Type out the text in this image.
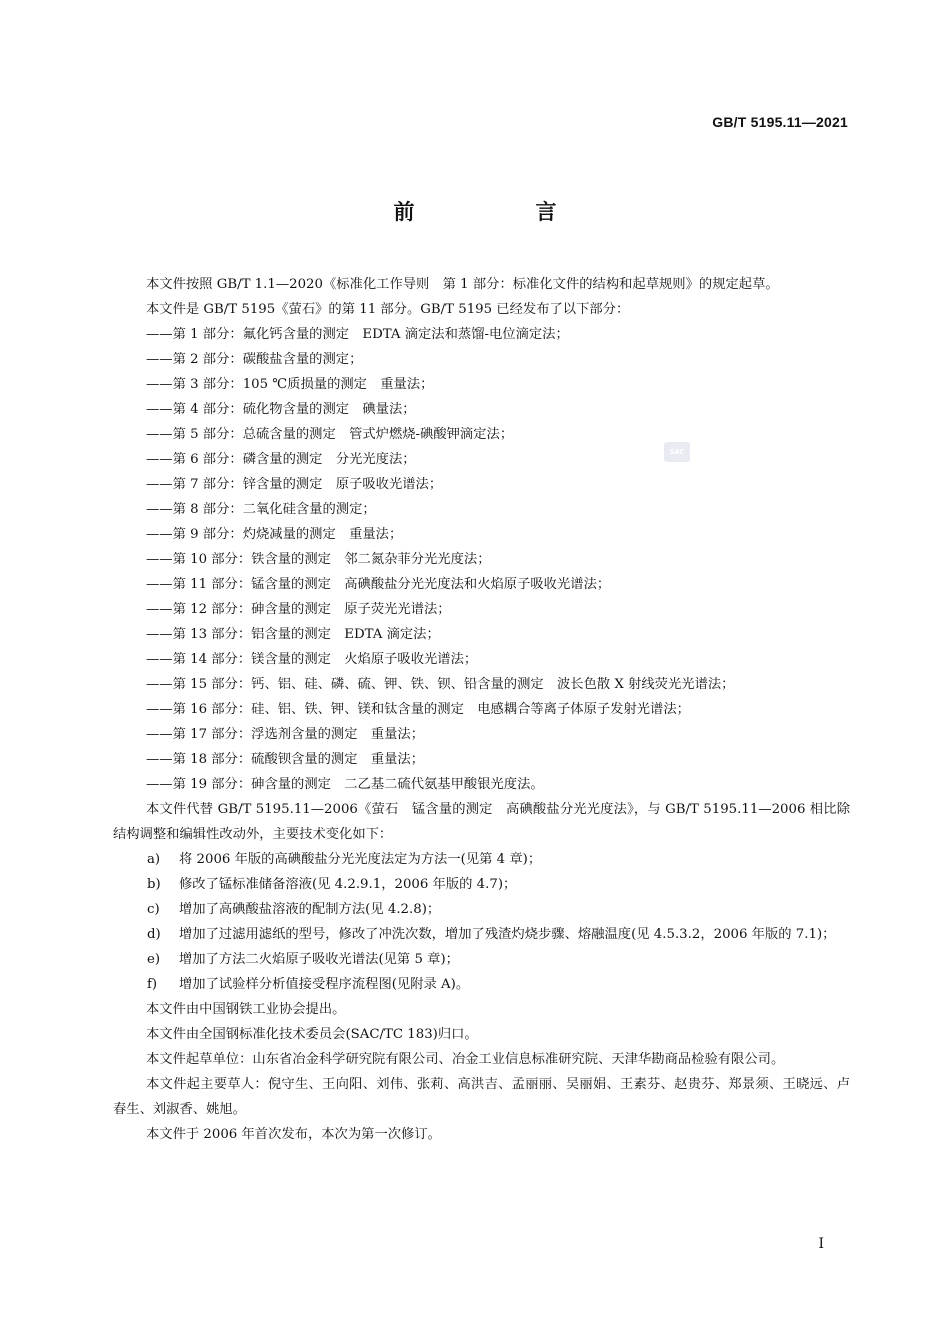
GB/T 5195.11—2021
前　言
SAC

本文件按照 GB/T 1.1—2020《标准化工作导则　第 1 部分：标准化文件的结构和起草规则》的规定起草。

本文件是 GB/T 5195《萤石》的第 11 部分。GB/T 5195 已经发布了以下部分：

——第 1 部分：氟化钙含量的测定　EDTA 滴定法和蒸馏-电位滴定法；

——第 2 部分：碳酸盐含量的测定；

——第 3 部分：105 ℃质损量的测定　重量法；

——第 4 部分：硫化物含量的测定　碘量法；

——第 5 部分：总硫含量的测定　管式炉燃烧-碘酸钾滴定法；

——第 6 部分：磷含量的测定　分光光度法；

——第 7 部分：锌含量的测定　原子吸收光谱法；

——第 8 部分：二氧化硅含量的测定；

——第 9 部分：灼烧减量的测定　重量法；

——第 10 部分：铁含量的测定　邻二氮杂菲分光光度法；

——第 11 部分：锰含量的测定　高碘酸盐分光光度法和火焰原子吸收光谱法；

——第 12 部分：砷含量的测定　原子荧光光谱法；

——第 13 部分：铝含量的测定　EDTA 滴定法；

——第 14 部分：镁含量的测定　火焰原子吸收光谱法；

——第 15 部分：钙、铝、硅、磷、硫、钾、铁、钡、铅含量的测定　波长色散 X 射线荧光光谱法；

——第 16 部分：硅、铝、铁、钾、镁和钛含量的测定　电感耦合等离子体原子发射光谱法；

——第 17 部分：浮选剂含量的测定　重量法；

——第 18 部分：硫酸钡含量的测定　重量法；

——第 19 部分：砷含量的测定　二乙基二硫代氨基甲酸银光度法。

本文件代替 GB/T 5195.11—2006《萤石　锰含量的测定　高碘酸盐分光光度法》，与 GB/T 5195.11—2006 相比除结构调整和编辑性改动外，主要技术变化如下：

a) 将 2006 年版的高碘酸盐分光光度法定为方法一(见第 4 章)；

b) 修改了锰标准储备溶液(见 4.2.9.1，2006 年版的 4.7)；

c) 增加了高碘酸盐溶液的配制方法(见 4.2.8)；

d) 增加了过滤用滤纸的型号，修改了冲洗次数，增加了残渣灼烧步骤、熔融温度(见 4.5.3.2，2006 年版的 7.1)；

e) 增加了方法二火焰原子吸收光谱法(见第 5 章)；

f) 增加了试验样分析值接受程序流程图(见附录 A)。

本文件由中国钢铁工业协会提出。

本文件由全国钢标准化技术委员会(SAC/TC 183)归口。

本文件起草单位：山东省冶金科学研究院有限公司、冶金工业信息标准研究院、天津华勘商品检验有限公司。

本文件起主要草人：倪守生、王向阳、刘伟、张莉、高洪吉、孟丽丽、吴丽娟、王素芬、赵贵芬、郑景须、王晓远、卢春生、刘淑香、姚旭。

本文件于 2006 年首次发布，本次为第一次修订。

Ⅰ
